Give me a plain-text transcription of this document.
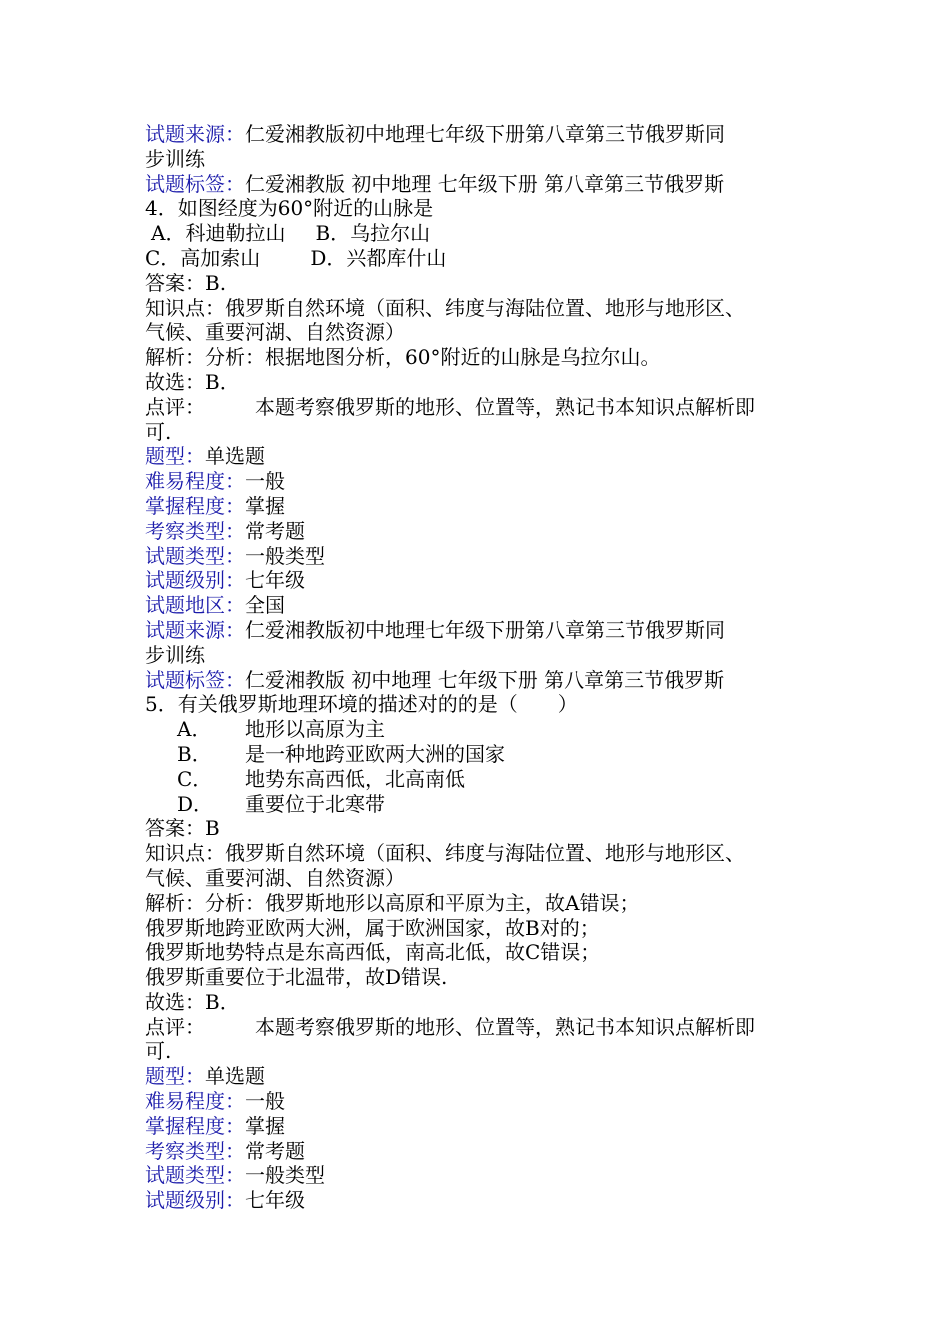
试题来源：仁爱湘教版初中地理七年级下册第八章第三节俄罗斯同
步训练
试题标签：仁爱湘教版 初中地理 七年级下册 第八章第三节俄罗斯
4．如图经度为60°附近的山脉是
A．科迪勒拉山 B．乌拉尔山
C．高加索山	D．兴都库什山
答案：B.
知识点：俄罗斯自然环境（面积、纬度与海陆位置、地形与地形区、
气候、重要河湖、自然资源）
解析：分析：根据地图分析，60°附近的山脉是乌拉尔山。
故选：B．
点评：	本题考察俄罗斯的地形、位置等，熟记书本知识点解析即
可.
题型：单选题
难易程度：一般
掌握程度：掌握
考察类型：常考题
试题类型：一般类型
试题级别：七年级
试题地区：全国
试题来源：仁爱湘教版初中地理七年级下册第八章第三节俄罗斯同
步训练
试题标签：仁爱湘教版 初中地理 七年级下册 第八章第三节俄罗斯
5．有关俄罗斯地理环境的描述对的的是（　　）
A． 地形以高原为主
B． 是一种地跨亚欧两大洲的国家
C． 地势东高西低，北高南低
D． 重要位于北寒带
答案：B
知识点：俄罗斯自然环境（面积、纬度与海陆位置、地形与地形区、
气候、重要河湖、自然资源）
解析：分析：俄罗斯地形以高原和平原为主，故A错误；
俄罗斯地跨亚欧两大洲，属于欧洲国家，故B对的；
俄罗斯地势特点是东高西低，南高北低，故C错误；
俄罗斯重要位于北温带，故D错误.
故选：B．
点评：	本题考察俄罗斯的地形、位置等，熟记书本知识点解析即
可.
题型：单选题
难易程度：一般
掌握程度：掌握
考察类型：常考题
试题类型：一般类型
试题级别：七年级
